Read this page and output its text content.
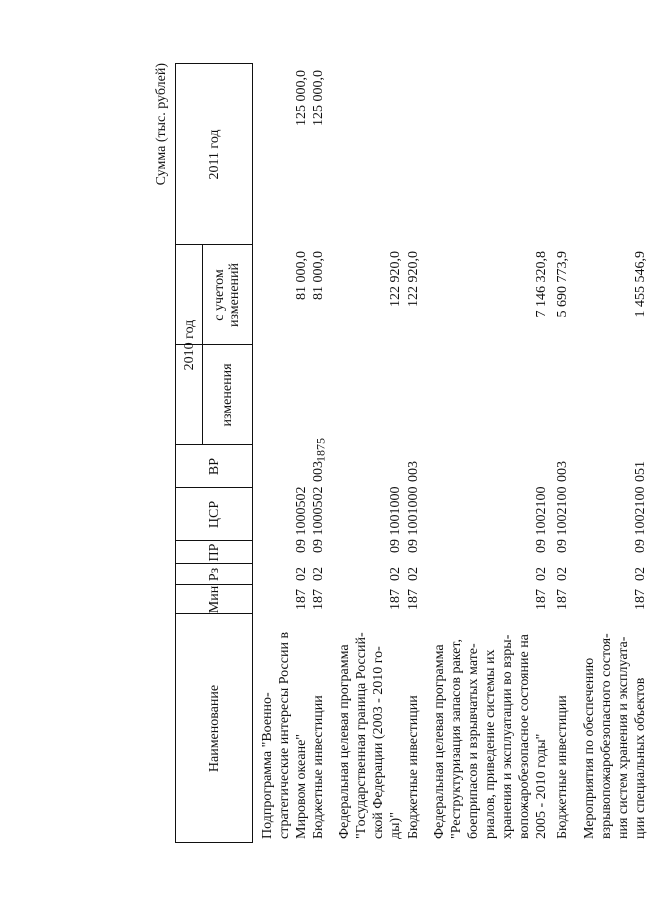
1875
Сумма (тыс. рублей)
Наименование
Мин
Рз
ПР
ЦСР
ВР
2010 год
изменения
с учетом изменений
2011 год
Подпрограмма "Военно-
стратегические интересы России в
Мировом океане"
187
02
09 1000502
81 000,0
125 000,0
Бюджетные инвестиции
187
02
09 1000502
003
81 000,0
125 000,0
Федеральная целевая программа
"Государственная граница Россий-
ской Федерации (2003 - 2010 го-
ды)"
187
02
09 1001000
122 920,0
Бюджетные инвестиции
187
02
09 1001000
003
122 920,0
Федеральная целевая программа
"Реструктуризация запасов ракет,
боеприпасов и взрывчатых мате-
риалов, приведение системы их
хранения и эксплуатации во взры-
вопожаробезопасное состояние на
2005 - 2010 годы"
187
02
09 1002100
7 146 320,8
Бюджетные инвестиции
187
02
09 1002100
003
5 690 773,9
Мероприятия по обеспечению
взрывопожаробезопасного состоя-
ния систем хранения и эксплуата-
ции специальных объектов
187
02
09 1002100
051
1 455 546,9
